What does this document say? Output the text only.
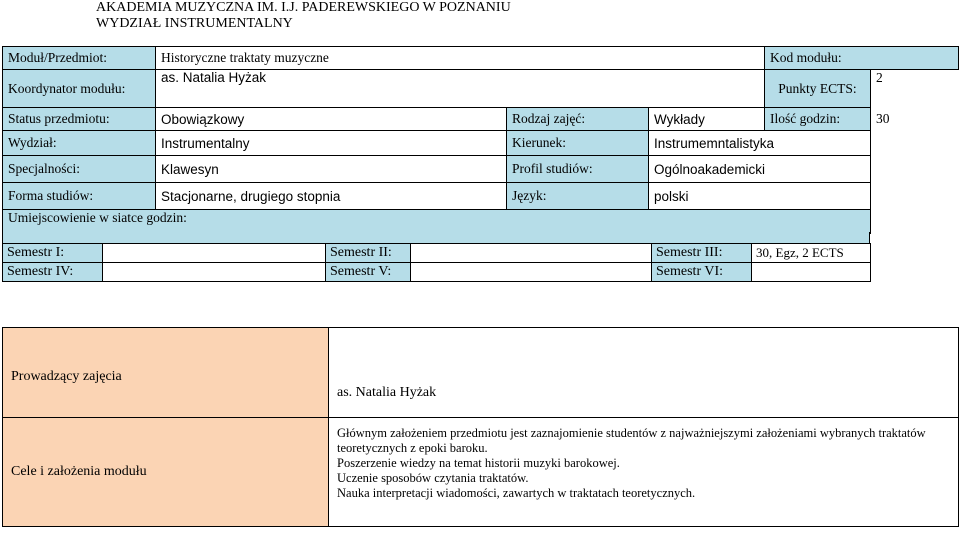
AKADEMIA MUZYCZNA IM. I.J. PADEREWSKIEGO W POZNANIU
WYDZIAŁ INSTRUMENTALNY
Moduł/Przedmiot:	Historyczne traktaty muzyczne			Kod modułu:	
Koordynator modułu:	as. Natalia Hyżak			Punkty ECTS:	2
Status przedmiotu:	Obowiązkowy	Rodzaj zajęć:	Wykłady	Ilość godzin:	30
Wydział:	Instrumentalny	Kierunek:	Instrumemntalistyka		
Specjalności:	Klawesyn	Profil studiów:	Ogólnoakademicki		
Forma studiów:	Stacjonarne, drugiego stopnia	Język:	polski		
Umiejscowienie w siatce godzin:					
Semestr I:		Semestr II:		Semestr III:	30, Egz, 2 ECTS
Semestr IV:		Semestr V:		Semestr VI:	
Prowadzący zajęcia	as. Natalia Hyżak
Cele i założenia modułu	Głównym założeniem przedmiotu jest zaznajomienie studentów z najważniejszymi założeniami wybranych traktatów teoretycznych z epoki baroku.
Poszerzenie wiedzy na temat historii muzyki barokowej.
Uczenie sposobów czytania traktatów.
Nauka interpretacji wiadomości, zawartych w traktatach teoretycznych.
